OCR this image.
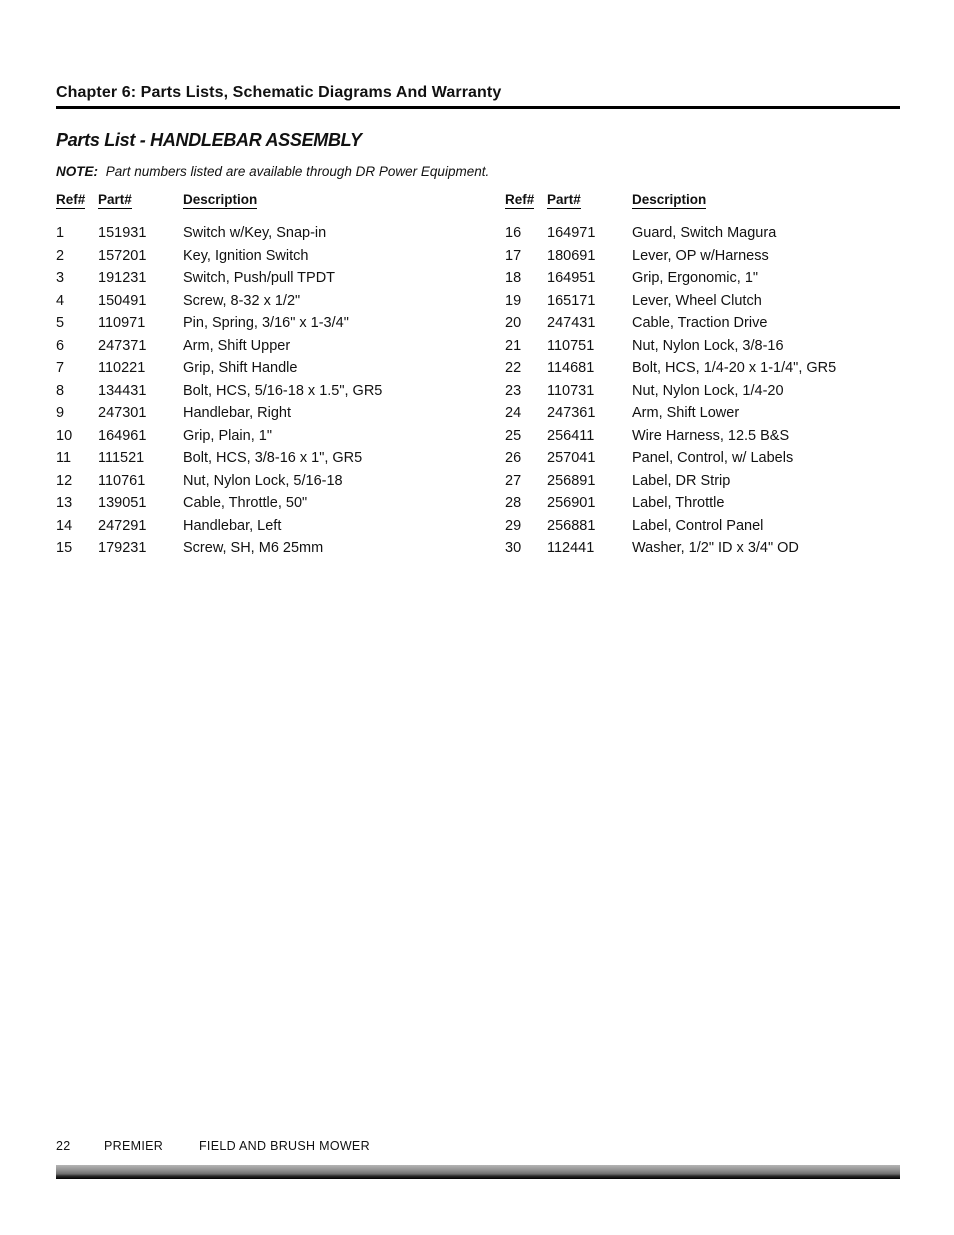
Chapter 6: Parts Lists, Schematic Diagrams And Warranty
Parts List - HANDLEBAR ASSEMBLY
NOTE: Part numbers listed are available through DR Power Equipment.
Ref# Part#	Description
1 151931	Switch w/Key, Snap-in
2 157201	Key, Ignition Switch
3 191231	Switch, Push/pull TPDT
4 150491	Screw, 8-32 x 1/2"
5 110971	Pin, Spring, 3/16" x 1-3/4"
6 247371	Arm, Shift Upper
7 110221	Grip, Shift Handle
8 134431	Bolt, HCS, 5/16-18 x 1.5", GR5
9 247301	Handlebar, Right
10 164961	Grip, Plain, 1"
11 111521	Bolt, HCS, 3/8-16 x 1", GR5
12 110761	Nut, Nylon Lock, 5/16-18
13 139051	Cable, Throttle, 50"
14 247291	Handlebar, Left
15 179231	Screw, SH, M6 25mm
Ref# Part#	Description
16 164971	Guard, Switch Magura
17 180691	Lever, OP w/Harness
18 164951	Grip, Ergonomic, 1"
19 165171	Lever, Wheel Clutch
20 247431	Cable, Traction Drive
21 110751	Nut, Nylon Lock, 3/8-16
22 114681	Bolt, HCS, 1/4-20 x 1-1/4", GR5
23 110731	Nut, Nylon Lock, 1/4-20
24 247361	Arm, Shift Lower
25 256411	Wire Harness, 12.5 B&S
26 257041	Panel, Control, w/ Labels
27 256891	Label, DR Strip
28 256901	Label, Throttle
29 256881	Label, Control Panel
30 112441	Washer, 1/2" ID x 3/4" OD
22	PREMIER	FIELD AND BRUSH MOWER
